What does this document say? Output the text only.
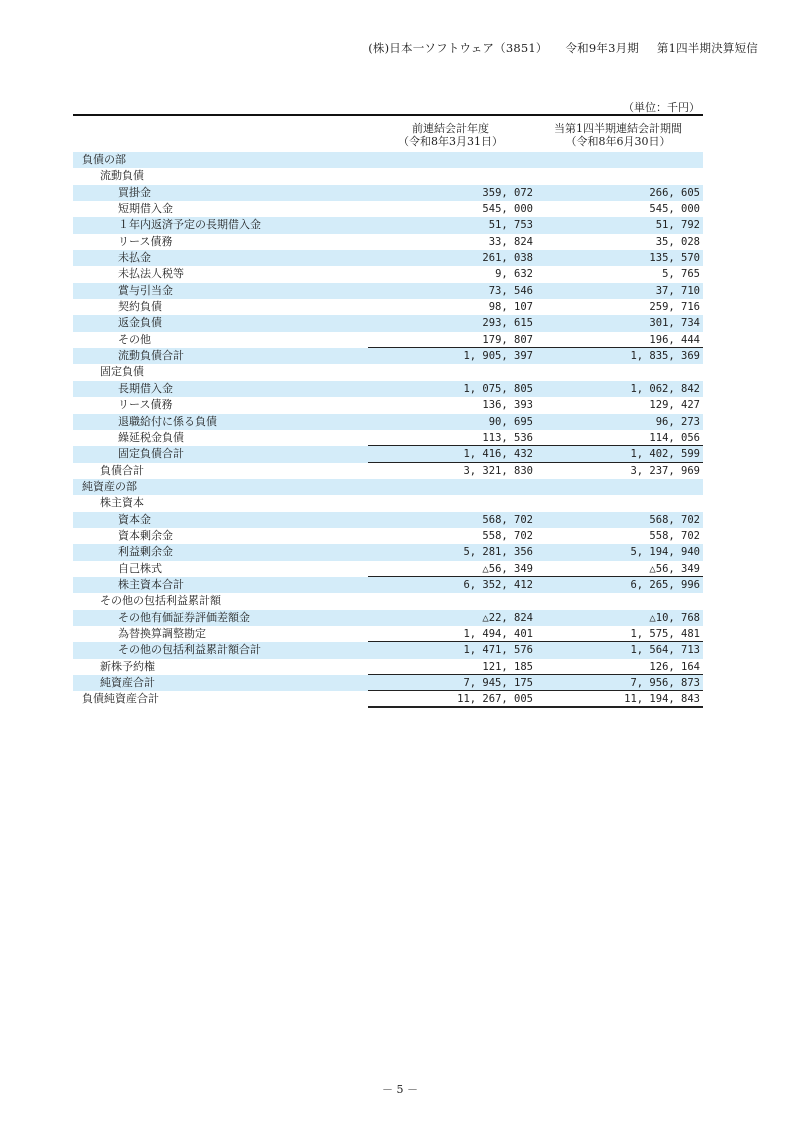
(株)日本一ソフトウェア（3851） 令和9年3月期 第1四半期決算短信
（単位：千円）
前連結会計年度
（令和8年3月31日）
当第1四半期連結会計期間
（令和8年6月30日）
負債の部
流動負債
買掛金	359, 072	266, 605
短期借入金	545, 000	545, 000
１年内返済予定の長期借入金	51, 753	51, 792
リース債務	33, 824	35, 028
未払金	261, 038	135, 570
未払法人税等	9, 632	5, 765
賞与引当金	73, 546	37, 710
契約負債	98, 107	259, 716
返金負債	293, 615	301, 734
その他	179, 807	196, 444
流動負債合計	1, 905, 397	1, 835, 369
固定負債
長期借入金	1, 075, 805	1, 062, 842
リース債務	136, 393	129, 427
退職給付に係る負債	90, 695	96, 273
繰延税金負債	113, 536	114, 056
固定負債合計	1, 416, 432	1, 402, 599
負債合計	3, 321, 830	3, 237, 969
純資産の部
株主資本
資本金	568, 702	568, 702
資本剰余金	558, 702	558, 702
利益剰余金	5, 281, 356	5, 194, 940
自己株式	△56, 349	△56, 349
株主資本合計	6, 352, 412	6, 265, 996
その他の包括利益累計額
その他有価証券評価差額金	△22, 824	△10, 768
為替換算調整勘定	1, 494, 401	1, 575, 481
その他の包括利益累計額合計	1, 471, 576	1, 564, 713
新株予約権	121, 185	126, 164
純資産合計	7, 945, 175	7, 956, 873
負債純資産合計	11, 267, 005	11, 194, 843
－ 5 －
